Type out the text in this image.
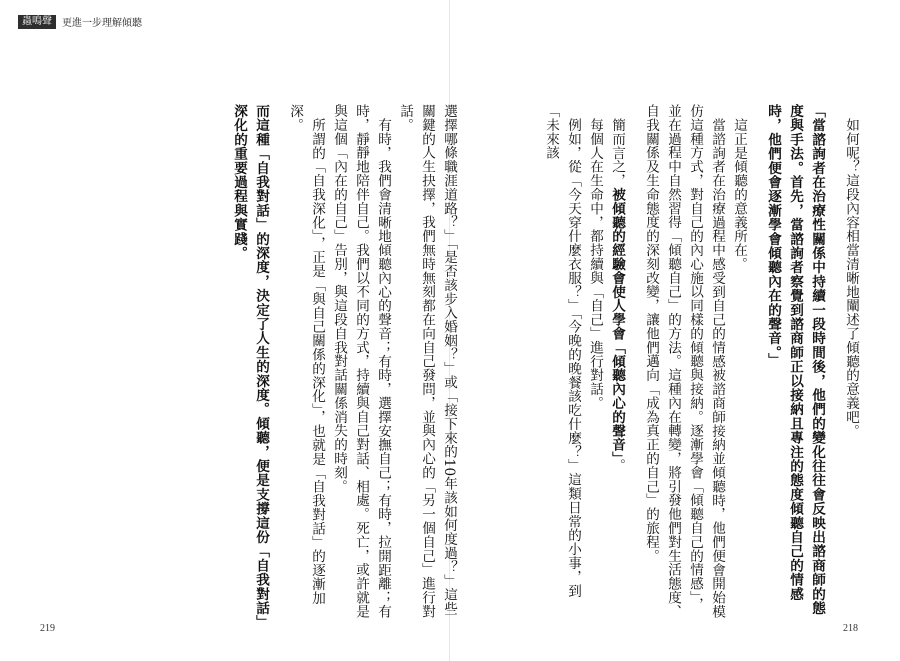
蟲鳴聲	更進一步理解傾聽

如何呢？這段內容相當清晰地闡述了傾聽的意義吧。

「當諮詢者在治療性關係中持續一段時間後，他們的變化往往會反映出諮商師的態度與手法。首先，當諮詢者察覺到諮商師正以接納且專注的態度傾聽自己的情感時，他們便會逐漸學會傾聽內在的聲音。」

這正是傾聽的意義所在。

當諮詢者在治療過程中感受到自己的情感被諮商師接納並傾聽時，他們便會開始模仿這種方式，對自己的內心施以同樣的傾聽與接納。逐漸學會「傾聽自己的情感」，並在過程中自然習得「傾聽自己」的方法。這種內在轉變，將引發他們對生活態度、自我關係及生命態度的深刻改變，讓他們邁向「成為真正的自己」的旅程。

簡而言之，被傾聽的經驗會使人學會「傾聽內心的聲音」。

每個人在生命中，都持續與「自己」進行對話。

例如，從「今天穿什麼衣服？」「今晚的晚餐該吃什麼？」這類日常的小事，到「未來該

選擇哪條職涯道路？」「是否該步入婚姻？」或「接下來的10年該如何度過？」這些關鍵的人生抉擇，我們無時無刻都在向自己發問，並與內心的「另一個自己」進行對話。

有時，我們會清晰地傾聽內心的聲音；有時，選擇安撫自己；有時，拉開距離；有時，靜靜地陪伴自己。我們以不同的方式，持續與自己對話、相處。死亡，或許就是與這個「內在的自己」告別，與這段自我對話關係消失的時刻。

所謂的「自我深化」，正是「與自己關係的深化」，也就是「自我對話」的逐漸加深。

而這種「自我對話」的深度，決定了人生的深度。傾聽，便是支撐這份「自我對話」深化的重要過程與實踐。

219	218
